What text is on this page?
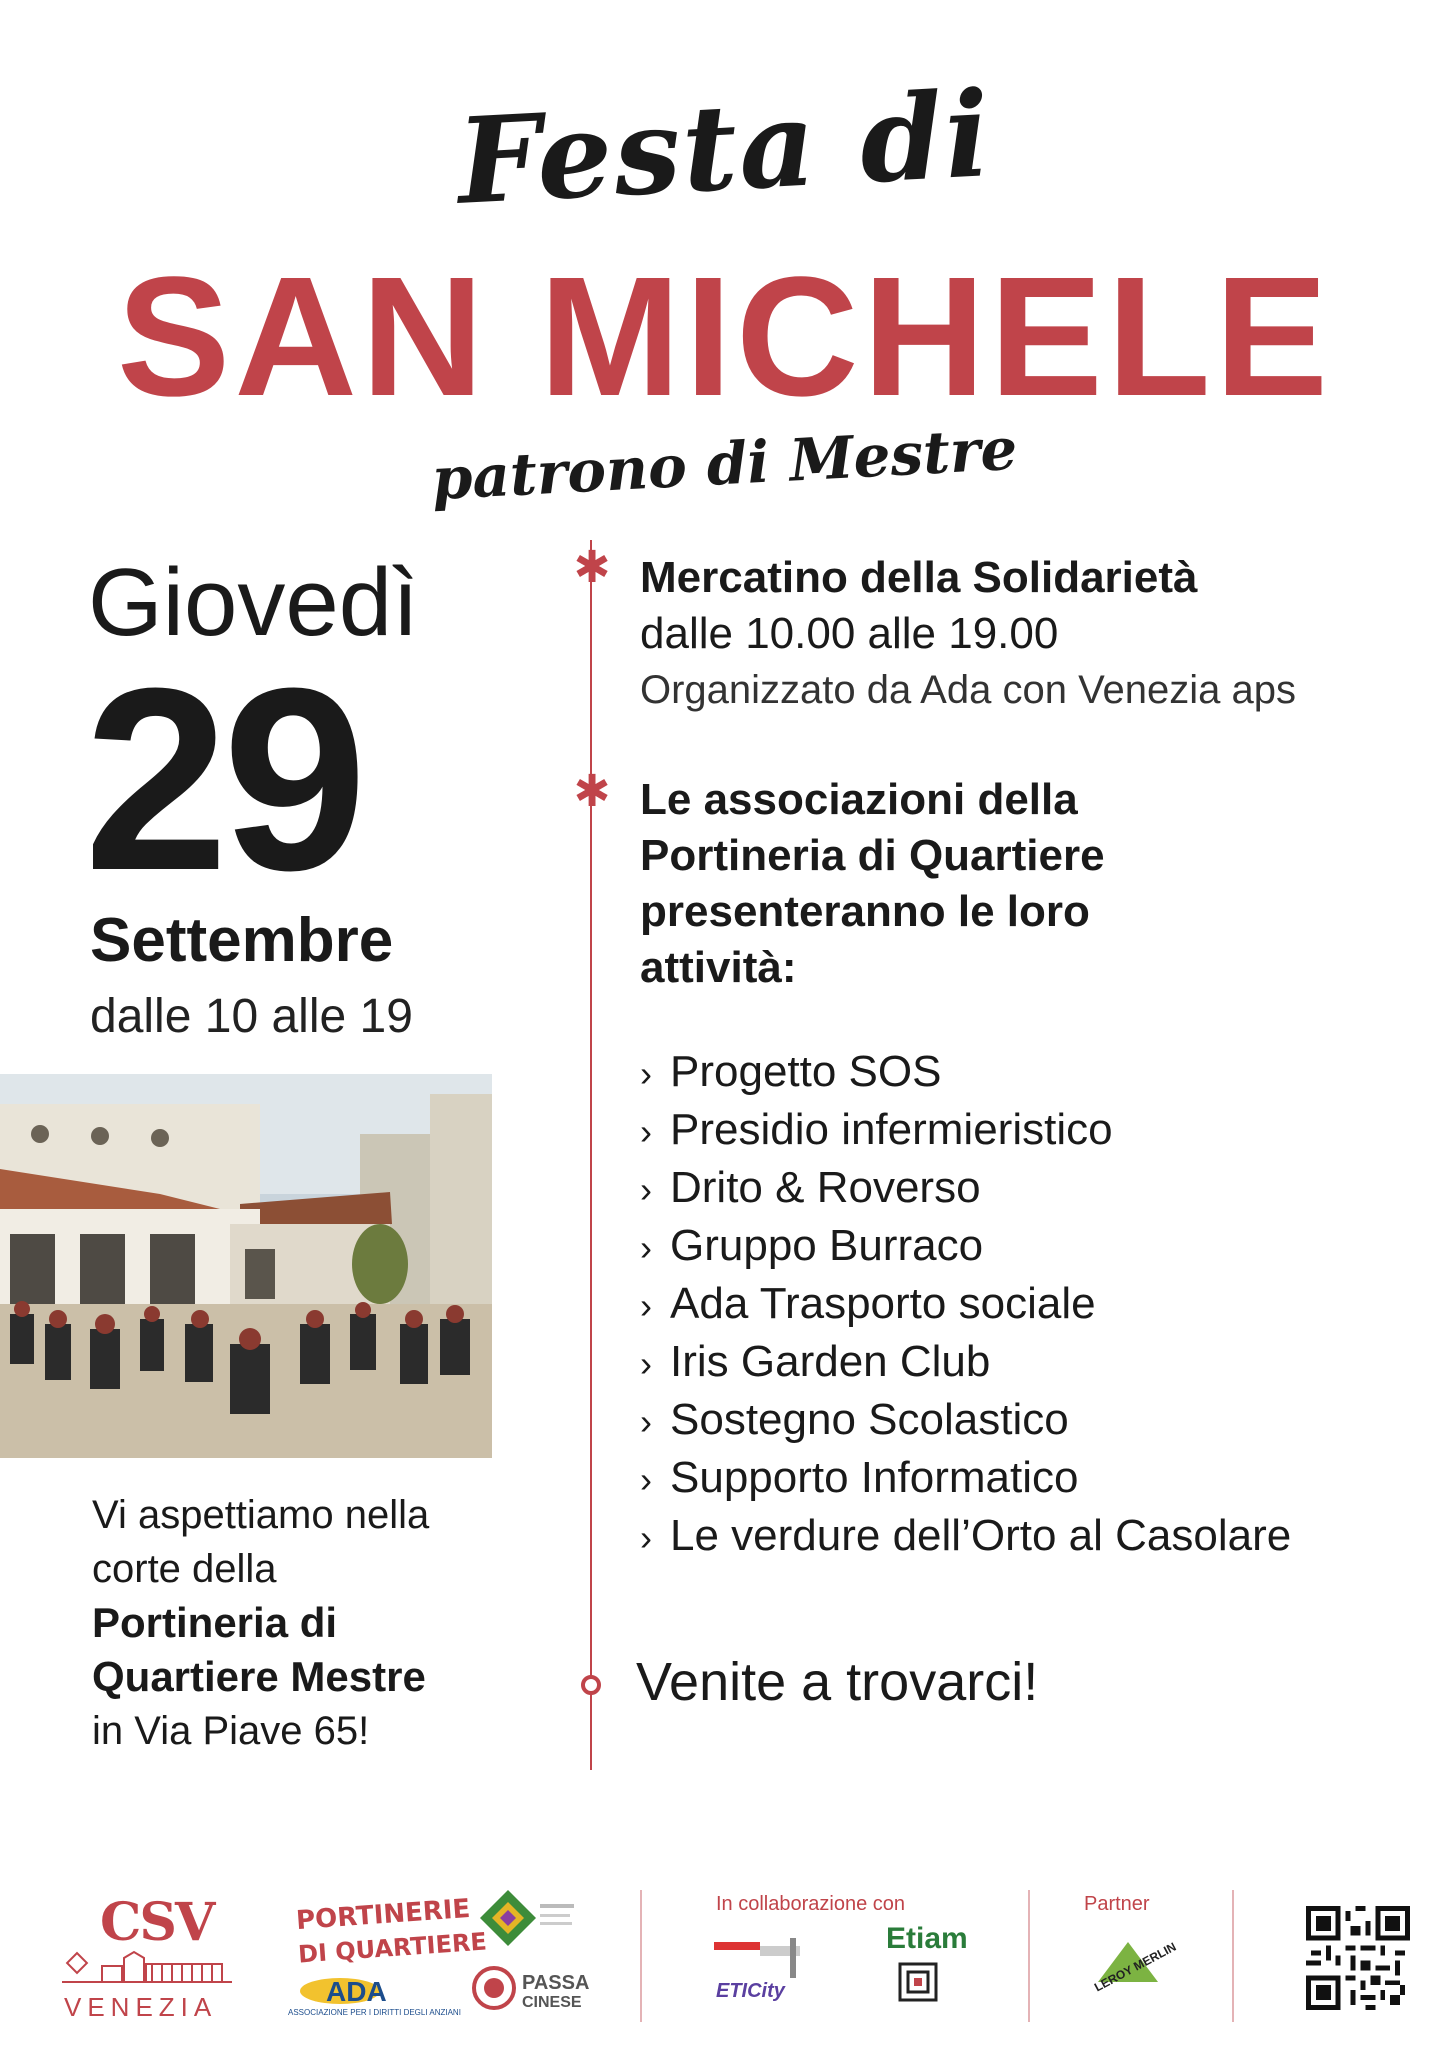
Festa di
SAN MICHELE
patrono di Mestre
Giovedì
29
Settembre
dalle 10 alle 19
Vi aspettiamo nella
corte della
Portineria di
Quartiere Mestre
in Via Piave 65!
✱
✱
Mercatino della Solidarietà
dalle 10.00 alle 19.00
Organizzato da Ada con Venezia aps
Le associazioni della
Portineria di Quartiere
presenteranno le loro
attività:
› Progetto SOS
› Presidio infermieristico
› Drito & Roverso
› Gruppo Burraco
› Ada Trasporto sociale
› Iris Garden Club
› Sostegno Scolastico
› Supporto Informatico
› Le verdure dell’Orto al Casolare
Venite a trovarci!
CSV
VENEZIA
PORTINERIE
DI QUARTIERE
ADA
ASSOCIAZIONE PER I DIRITTI DEGLI ANZIANI
PASSA
CINESE
In collaborazione con
ETICity
Etiam
Partner
LEROY MERLIN
